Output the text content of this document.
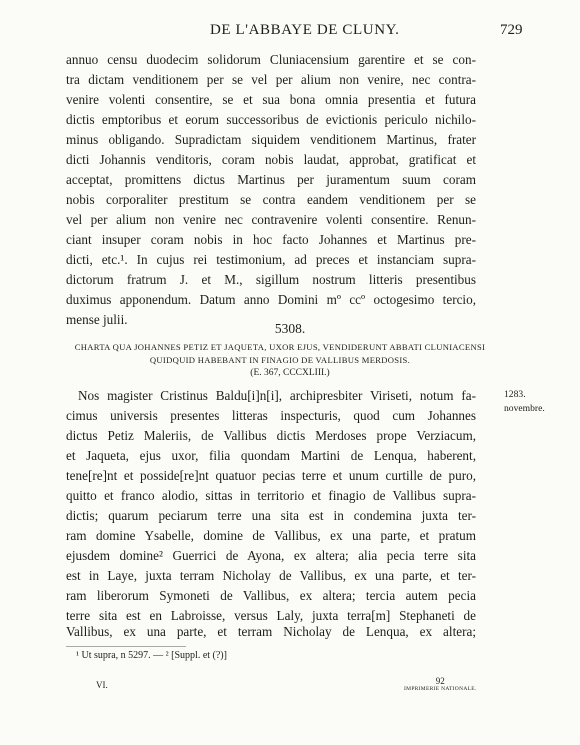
DE L'ABBAYE DE CLUNY.	729
annuo censu duodecim solidorum Cluniacensium garentire et se con-
tra dictam venditionem per se vel per alium non venire, nec contra-
venire volenti consentire, se et sua bona omnia presentia et futura
dictis emptoribus et eorum successoribus de evictionis periculo nichilo-
minus obligando. Supradictam siquidem venditionem Martinus, frater
dicti Johannis venditoris, coram nobis laudat, approbat, gratificat et
acceptat, promittens dictus Martinus per juramentum suum coram
nobis corporaliter prestitum se contra eandem venditionem per se
vel per alium non venire nec contravenire volenti consentire. Renun-
ciant insuper coram nobis in hoc facto Johannes et Martinus pre-
dicti, etc.¹. In cujus rei testimonium, ad preces et instanciam supra-
dictorum fratrum J. et M., sigillum nostrum litteris presentibus
duximus apponendum. Datum anno Domini mº ccº octogesimo tercio,
mense julii.
5308.
CHARTA QUA JOHANNES PETIZ ET JAQUETA, UXOR EJUS, VENDIDERUNT ABBATI CLUNIACENSI
QUIDQUID HABEBANT IN FINAGIO DE VALLIBUS MERDOSIS.
(E. 367, CCCXLIII.)
1283.
novembre.
Nos magister Cristinus Baldu[i]n[i], archipresbiter Viriseti, notum fa-
cimus universis presentes litteras inspecturis, quod cum Johannes
dictus Petiz Maleriis, de Vallibus dictis Merdoses prope Verziacum,
et Jaqueta, ejus uxor, filia quondam Martini de Lenqua, haberent,
tene[re]nt et posside[re]nt quatuor pecias terre et unum curtille de puro,
quitto et franco alodio, sittas in territorio et finagio de Vallibus supra-
dictis; quarum peciarum terre una sita est in condemina juxta ter-
ram domine Ysabelle, domine de Vallibus, ex una parte, et pratum
ejusdem domine² Guerrici de Ayona, ex altera; alia pecia terre sita
est in Laye, juxta terram Nicholay de Vallibus, ex una parte, et ter-
ram liberorum Symoneti de Vallibus, ex altera; tercia autem pecia
terre sita est en Labroisse, versus Laly, juxta terra[m] Stephaneti de
Vallibus, ex una parte, et terram Nicholay de Lenqua, ex altera;
¹ Ut supra, n 5297. — ² [Suppl. et (?)]
VI.	92
IMPRIMERIE NATIONALE.
